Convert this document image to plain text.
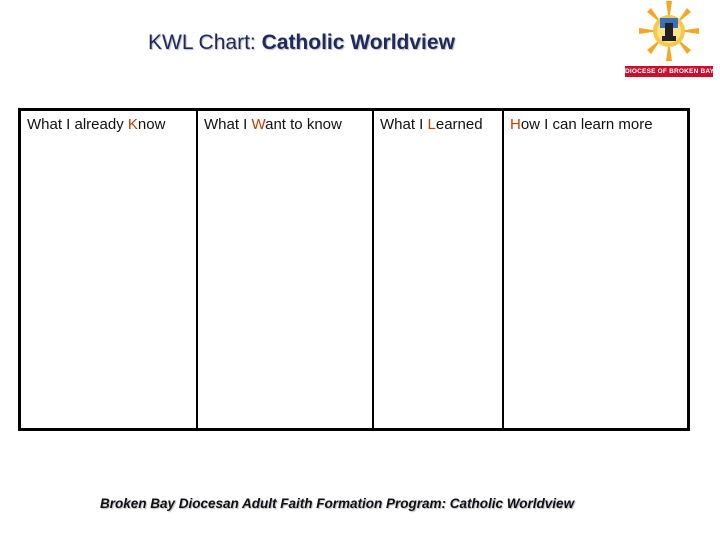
KWL Chart: Catholic Worldview
DIOCESE OF BROKEN BAY
What I already Know	What I Want to know	What I Learned How I can learn more
Broken Bay Diocesan Adult Faith Formation Program: Catholic Worldview
